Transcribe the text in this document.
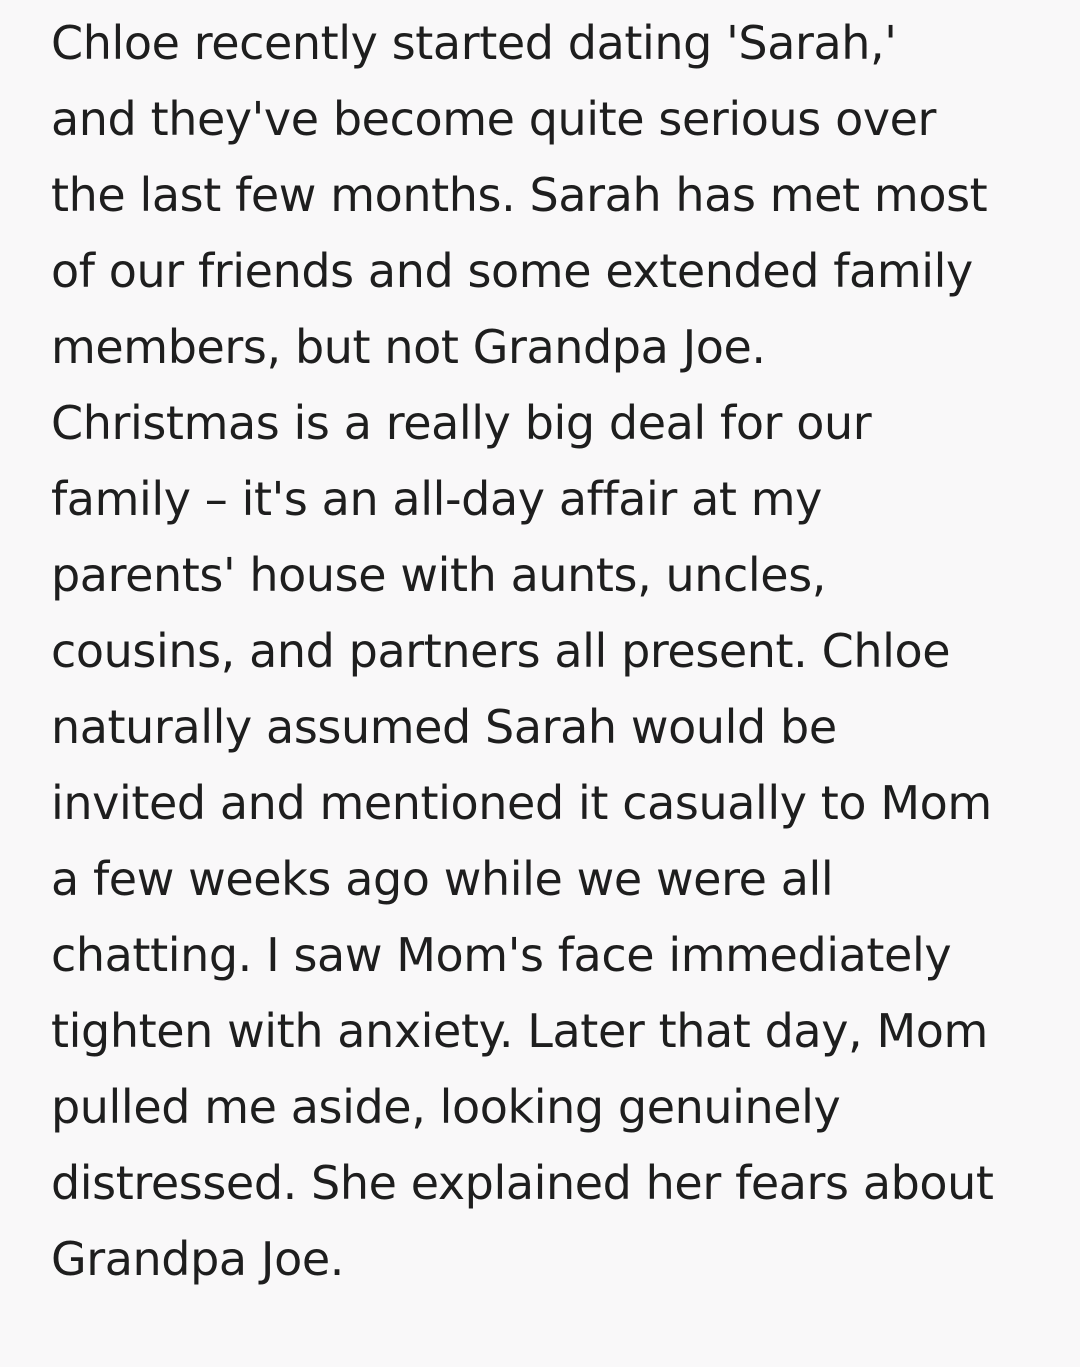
Chloe recently started dating 'Sarah,'
and they've become quite serious over
the last few months. Sarah has met most
of our friends and some extended family
members, but not Grandpa Joe.
Christmas is a really big deal for our
family – it's an all-day affair at my
parents' house with aunts, uncles,
cousins, and partners all present. Chloe
naturally assumed Sarah would be
invited and mentioned it casually to Mom
a few weeks ago while we were all
chatting. I saw Mom's face immediately
tighten with anxiety. Later that day, Mom
pulled me aside, looking genuinely
distressed. She explained her fears about
Grandpa Joe.
